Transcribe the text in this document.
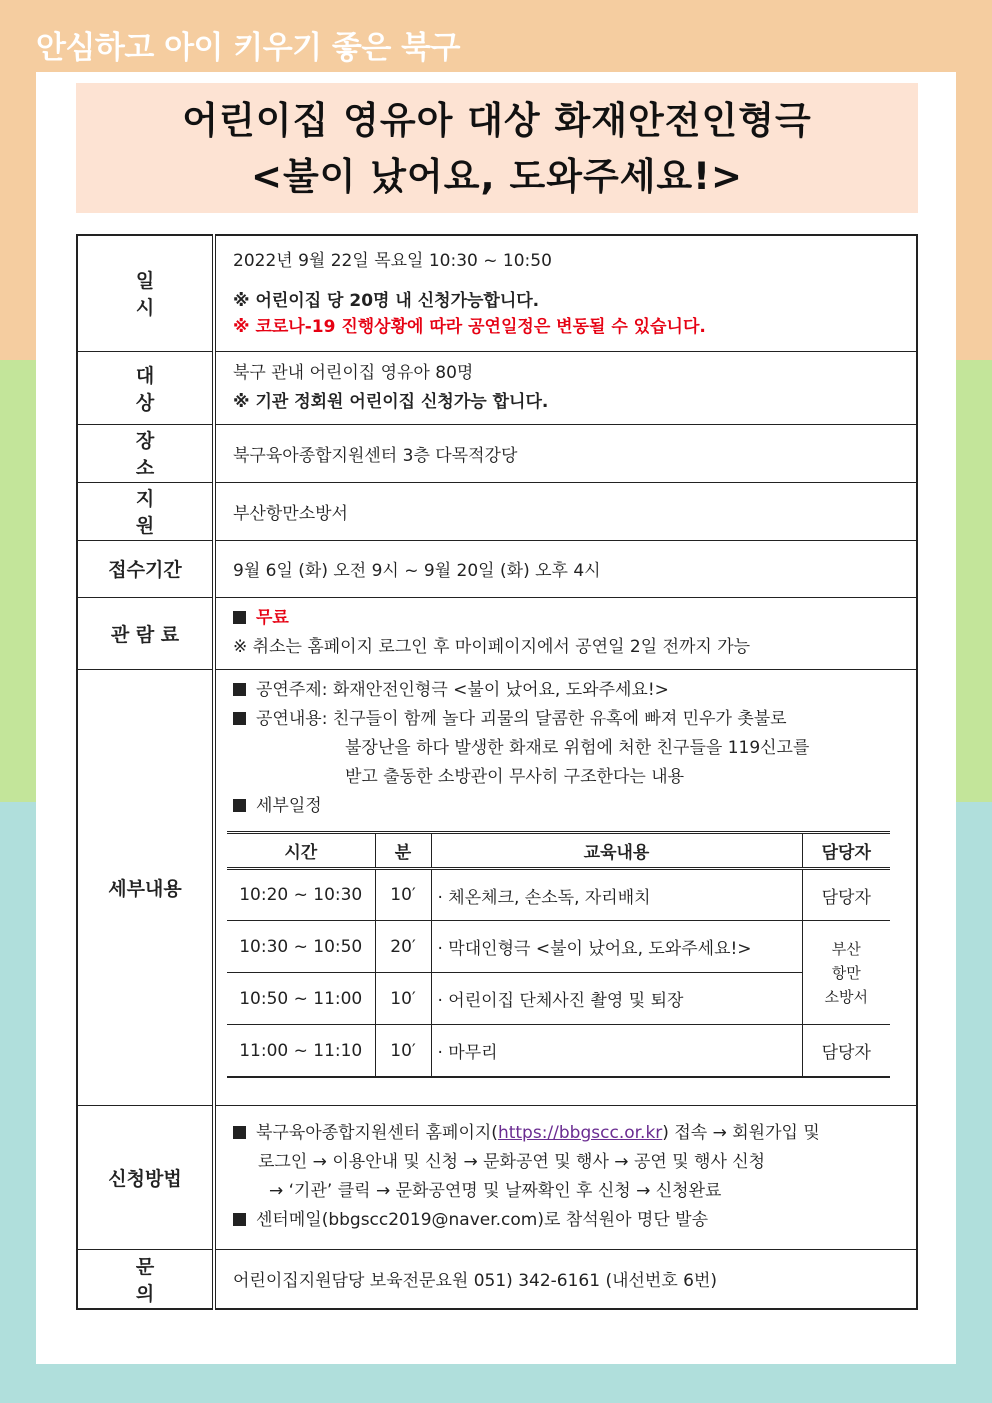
안심하고 아이 키우기 좋은 북구
어린이집 영유아 대상 화재안전인형극
<불이 났어요, 도와주세요!>
일 시	
2022년 9월 22일 목요일 10:30 ~ 10:50
※ 어린이집 당 20명 내 신청가능합니다.
※ 코로나-19 진행상황에 따라 공연일정은 변동될 수 있습니다.

대 상	
북구 관내 어린이집 영유아 80명
※ 기관 정회원 어린이집 신청가능 합니다.

장 소	북구육아종합지원센터 3층 다목적강당
지 원	부산항만소방서
접수기간	9월 6일 (화) 오전 9시 ~ 9월 20일 (화) 오후 4시
관 람 료	
무료
※ 취소는 홈페이지 로그인 후 마이페이지에서 공연일 2일 전까지 가능

세부내용	
공연주제: 화재안전인형극 <불이 났어요, 도와주세요!>
공연내용: 친구들이 함께 놀다 괴물의 달콤한 유혹에 빠져 민우가 촛불로
불장난을 하다 발생한 화재로 위험에 처한 친구들을 119신고를
받고 출동한 소방관이 무사히 구조한다는 내용
세부일정
시간	분	교육내용	담당자
10:20 ~ 10:30	10′	· 체온체크, 손소독, 자리배치	담당자
10:30 ~ 10:50	20′	· 막대인형극 <불이 났어요, 도와주세요!>	부산
항만
소방서

10:50 ~ 11:00	10′	· 어린이집 단체사진 촬영 및 퇴장
11:00 ~ 11:10	10′	· 마무리	담당자

신청방법	
북구육아종합지원센터 홈페이지(https://bbgscc.or.kr) 접속 → 회원가입 및
로그인 → 이용안내 및 신청 → 문화공연 및 행사 → 공연 및 행사 신청
→ ‘기관’ 클릭 → 문화공연명 및 날짜확인 후 신청 → 신청완료
센터메일(bbgscc2019@naver.com)로 참석원아 명단 발송

문 의	어린이집지원담당 보육전문요원 051) 342-6161 (내선번호 6번)
